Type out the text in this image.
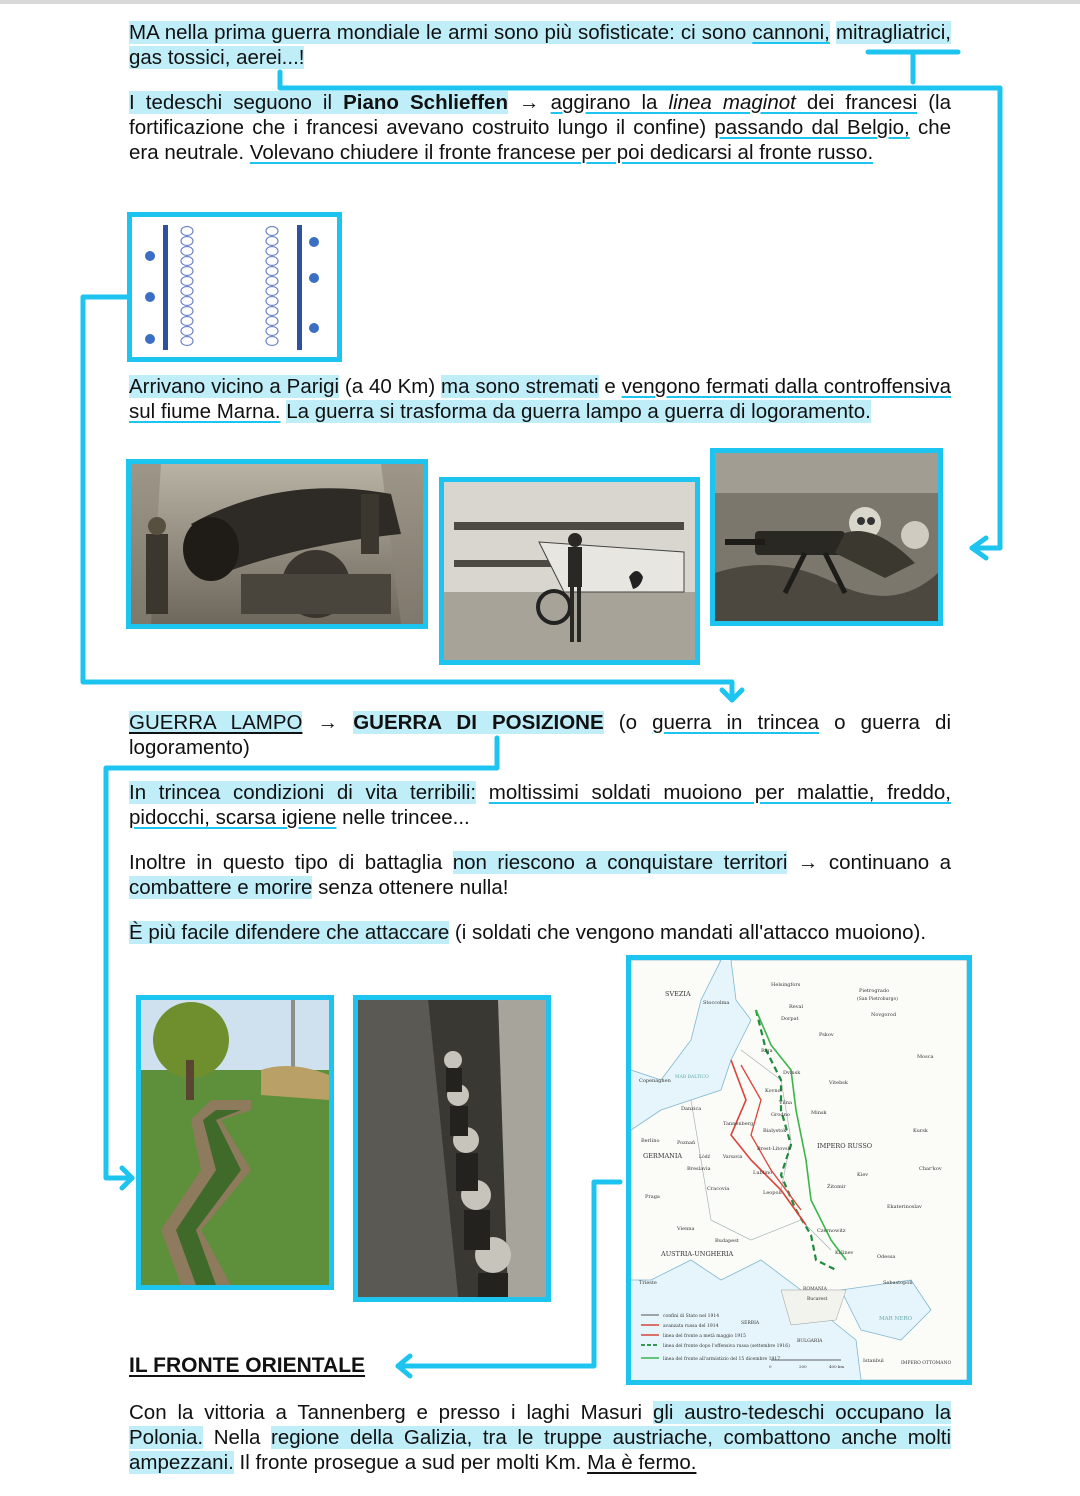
MA nella prima guerra mondiale le armi sono più sofisticate: ci sono cannoni, mitragliatrici, gas tossici, aerei...!

I tedeschi seguono il Piano Schlieffen → aggirano la linea maginot dei francesi (la fortificazione che i francesi avevano costruito lungo il confine) passando dal Belgio, che era neutrale. Volevano chiudere il fronte francese per poi dedicarsi al fronte russo.

Arrivano vicino a Parigi (a 40 Km) ma sono stremati e vengono fermati dalla controffensiva sul fiume Marna. La guerra si trasforma da guerra lampo a guerra di logoramento.

GUERRA LAMPO → GUERRA DI POSIZIONE (o guerra in trincea o guerra di logoramento)

In trincea condizioni di vita terribili: moltissimi soldati muoiono per malattie, freddo, pidocchi, scarsa igiene nelle trincee...

Inoltre in questo tipo di battaglia non riescono a conquistare territori → continuano a combattere e morire senza ottenere nulla!

È più facile difendere che attaccare (i soldati che vengono mandati all'attacco muoiono).

SVEZIA
Stoccolma
Helsingfors
Reval
Pietrogrado
(San Pietroburgo)
Novgorod
Dorpat
Pskov
Mosca
Riga
Copenaghen
MAR BALTICO
Dvinsk
Vitebsk
Kovno
Vilna
Danzica
Grodno	Minsk
Tannenberg
Bialystok	Kursk
Berlino	Poznań	IMPERO RUSSO
Brest-Litovsk
GERMANIA	Lódź	Varsavia
Breslavia
Lublino	Kiev
Char'kov
Praga
Cracovia
Leopoli
Žitomir
Ekaterinoslav
Czernowitz
Vienna
Budapest
Kišinev
Odessa
AUSTRIA-UNGHERIA
Trieste
ROMANIA
Bucarest
Sebastopoli
SERBIA
MAR NERO
BULGARIA
Istanbul	IMPERO OTTOMANO
confini di Stato nel 1914
avanzata russa del 1914
linea del fronte a metà maggio 1915
linea del fronte dopo l'offensiva russa (settembre 1916)
linea del fronte all'armistizio del 15 dicembre 1917
0	200	400 km
IL FRONTE ORIENTALE

Con la vittoria a Tannenberg e presso i laghi Masuri gli austro-tedeschi occupano la Polonia. Nella regione della Galizia, tra le truppe austriache, combattono anche molti ampezzani. Il fronte prosegue a sud per molti Km. Ma è fermo.
